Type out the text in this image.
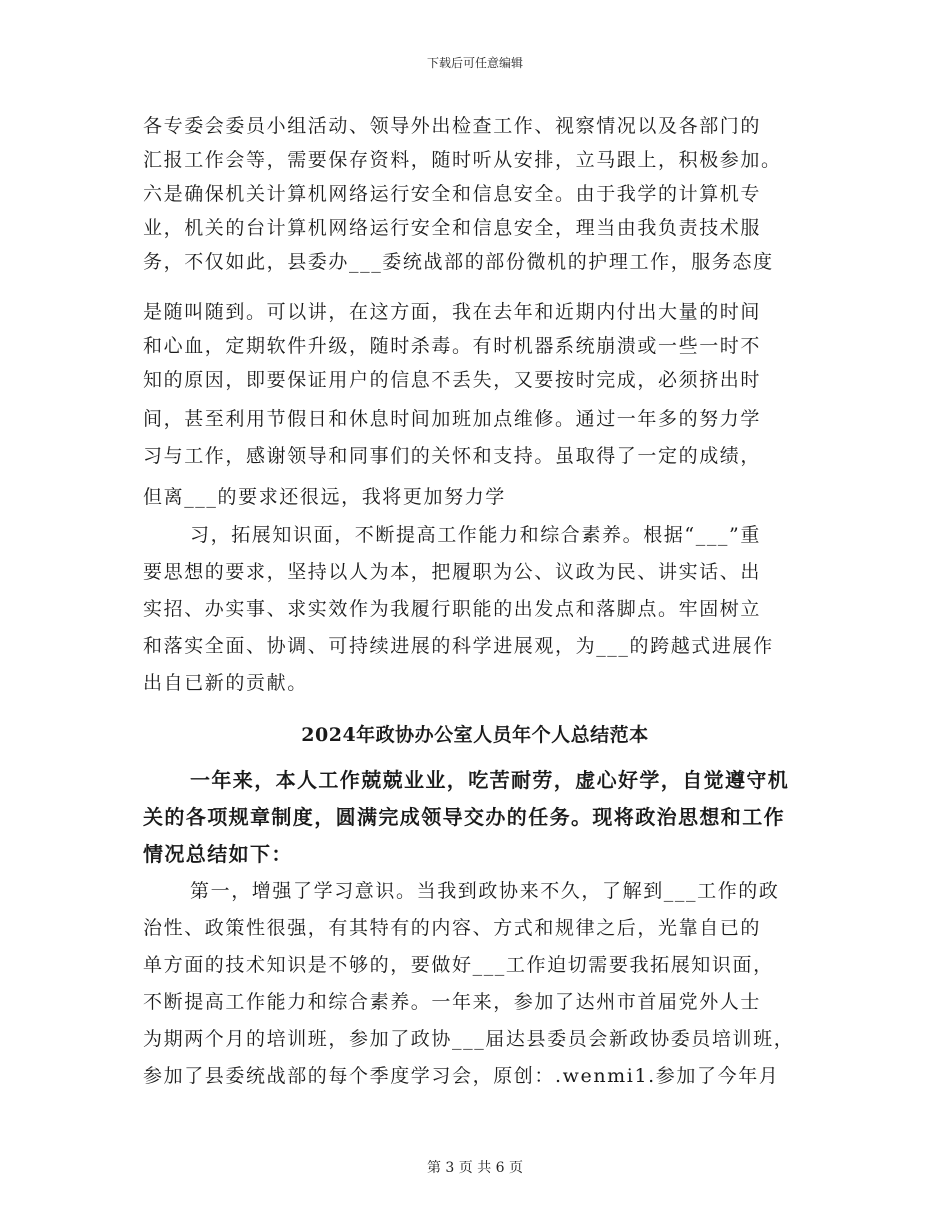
下载后可任意编辑
各专委会委员小组活动、领导外出检查工作、视察情况以及各部门的
汇报工作会等，需要保存资料，随时听从安排，立马跟上，积极参加。
六是确保机关计算机网络运行安全和信息安全。由于我学的计算机专
业，机关的台计算机网络运行安全和信息安全，理当由我负责技术服
务，不仅如此，县委办___委统战部的部份微机的护理工作，服务态度
是随叫随到。可以讲，在这方面，我在去年和近期内付出大量的时间
和心血，定期软件升级，随时杀毒。有时机器系统崩溃或一些一时不
知的原因，即要保证用户的信息不丢失，又要按时完成，必须挤出时
间，甚至利用节假日和休息时间加班加点维修。通过一年多的努力学
习与工作，感谢领导和同事们的关怀和支持。虽取得了一定的成绩，
但离___的要求还很远，我将更加努力学
习，拓展知识面，不断提高工作能力和综合素养。根据“___”重
要思想的要求，坚持以人为本，把履职为公、议政为民、讲实话、出
实招、办实事、求实效作为我履行职能的出发点和落脚点。牢固树立
和落实全面、协调、可持续进展的科学进展观，为___的跨越式进展作
出自已新的贡献。
2024年政协办公室人员年个人总结范本
一年来，本人工作兢兢业业，吃苦耐劳，虚心好学，自觉遵守机
关的各项规章制度，圆满完成领导交办的任务。现将政治思想和工作
情况总结如下：
第一，增强了学习意识。当我到政协来不久，了解到___工作的政
治性、政策性很强，有其特有的内容、方式和规律之后，光靠自已的
单方面的技术知识是不够的，要做好___工作迫切需要我拓展知识面，
不断提高工作能力和综合素养。一年来，参加了达州市首届党外人士
为期两个月的培训班，参加了政协___届达县委员会新政协委员培训班，
参加了县委统战部的每个季度学习会，原创：.wenmi1.参加了今年月
第 3 页 共 6 页
